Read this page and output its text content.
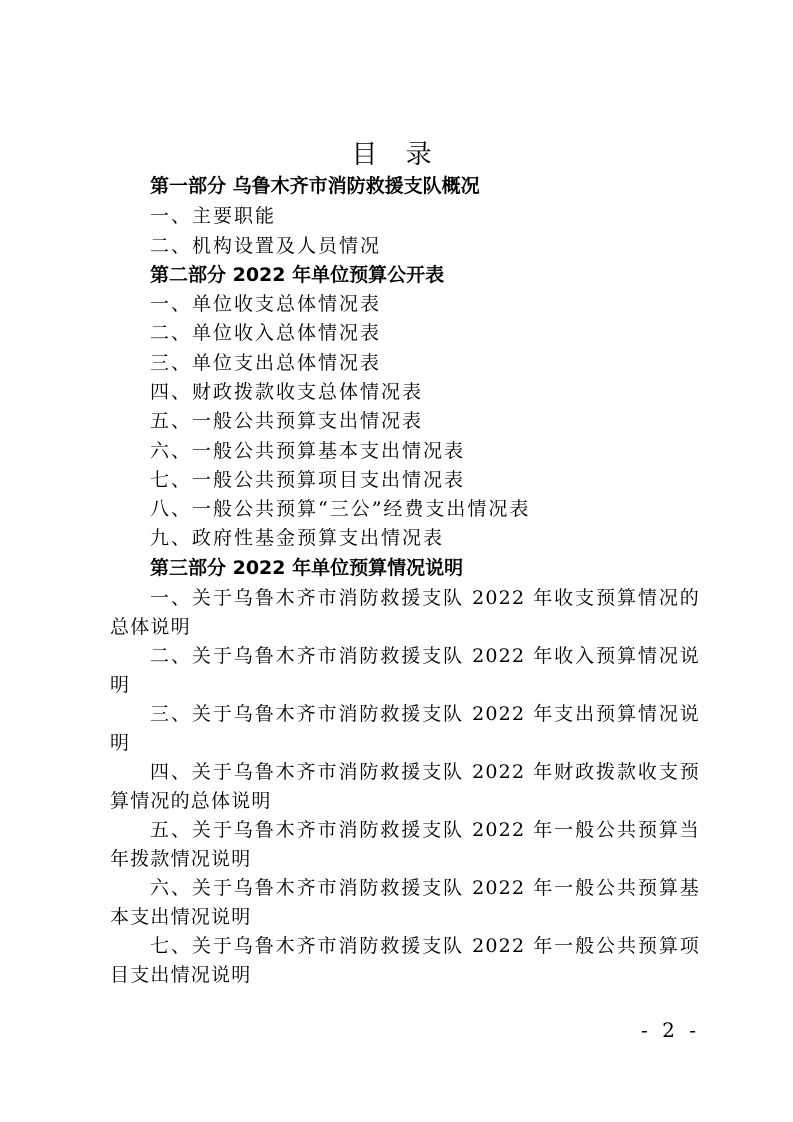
目 录
第一部分 乌鲁木齐市消防救援支队概况
一、主要职能
二、机构设置及人员情况
第二部分 2022 年单位预算公开表
一、单位收支总体情况表
二、单位收入总体情况表
三、单位支出总体情况表
四、财政拨款收支总体情况表
五、一般公共预算支出情况表
六、一般公共预算基本支出情况表
七、一般公共预算项目支出情况表
八、一般公共预算“三公”经费支出情况表
九、政府性基金预算支出情况表
第三部分 2022 年单位预算情况说明
一、关于乌鲁木齐市消防救援支队 2022 年收支预算情况的总体说明
二、关于乌鲁木齐市消防救援支队 2022 年收入预算情况说明
三、关于乌鲁木齐市消防救援支队 2022 年支出预算情况说明
四、关于乌鲁木齐市消防救援支队 2022 年财政拨款收支预算情况的总体说明
五、关于乌鲁木齐市消防救援支队 2022 年一般公共预算当年拨款情况说明
六、关于乌鲁木齐市消防救援支队 2022 年一般公共预算基本支出情况说明
七、关于乌鲁木齐市消防救援支队 2022 年一般公共预算项目支出情况说明
- 2 -
